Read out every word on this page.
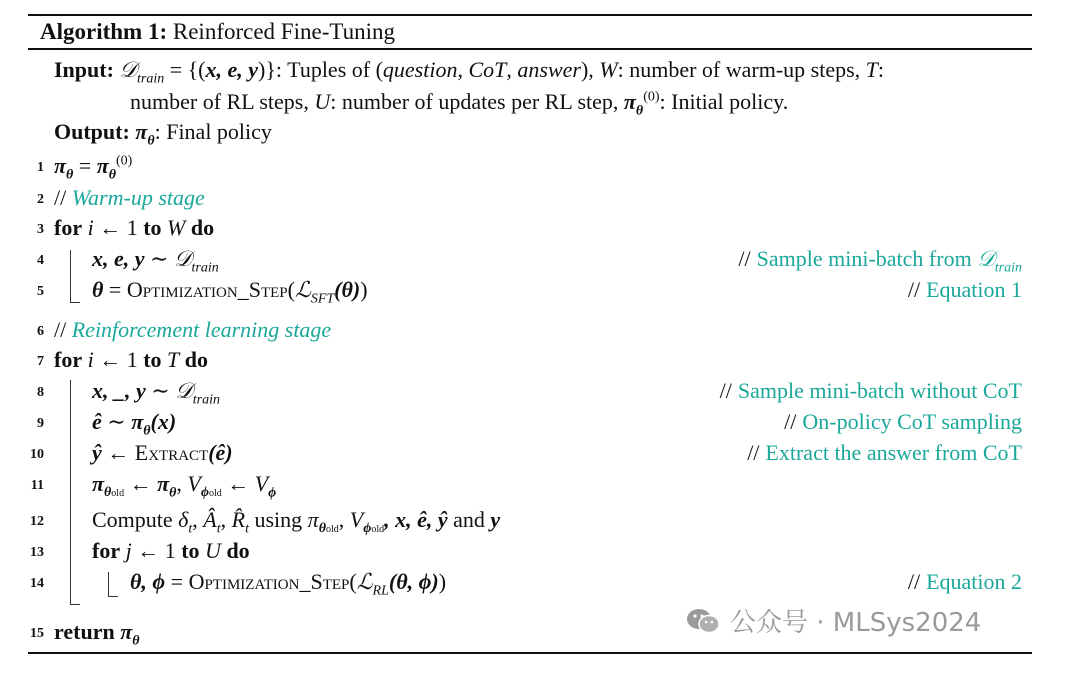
Algorithm 1: Reinforced Fine-Tuning
Input: 𝒟$_{train}$ = {(x, e, y)}: Tuples of (question, CoT, answer), W: number of warm-up steps, T:
number of RL steps, U: number of updates per RL step, $\pi_\theta^{(0)}$: Initial policy.
Output: $\pi_\theta$: Final policy
1 $\pi_\theta = \pi_\theta^{(0)}$
2 // Warm-up stage
3 for i ← 1 to W do
4 x, e, y ∼ 𝒟$_{train}$	// Sample mini-batch from 𝒟$_{train}$
5 θ = Optimization_Step(ℒ$_{SFT}$(θ))	// Equation 1
6 // Reinforcement learning stage
7 for i ← 1 to T do
8 x, _, y ∼ 𝒟$_{train}$	// Sample mini-batch without CoT
9 ê ∼ $\pi_\theta(x)$	// On-policy CoT sampling
10 ŷ ← Extract(ê)	// Extract the answer from CoT
11 $\pi_{\theta old}$ ← $\pi_\theta$, $V_{\phi old}$ ← $V_\phi$
12 Compute $\delta_t$, $Â_t$, $R̂_t$ using $\pi_{\theta old}$, $V_{\phi old}$, x, ê, ŷ and y
13 for j ← 1 to U do
14	θ, ϕ = Optimization_Step(ℒ$_{RL}$(θ, ϕ))	// Equation 2
15 return $\pi_\theta$
公众号 · MLSys2024
